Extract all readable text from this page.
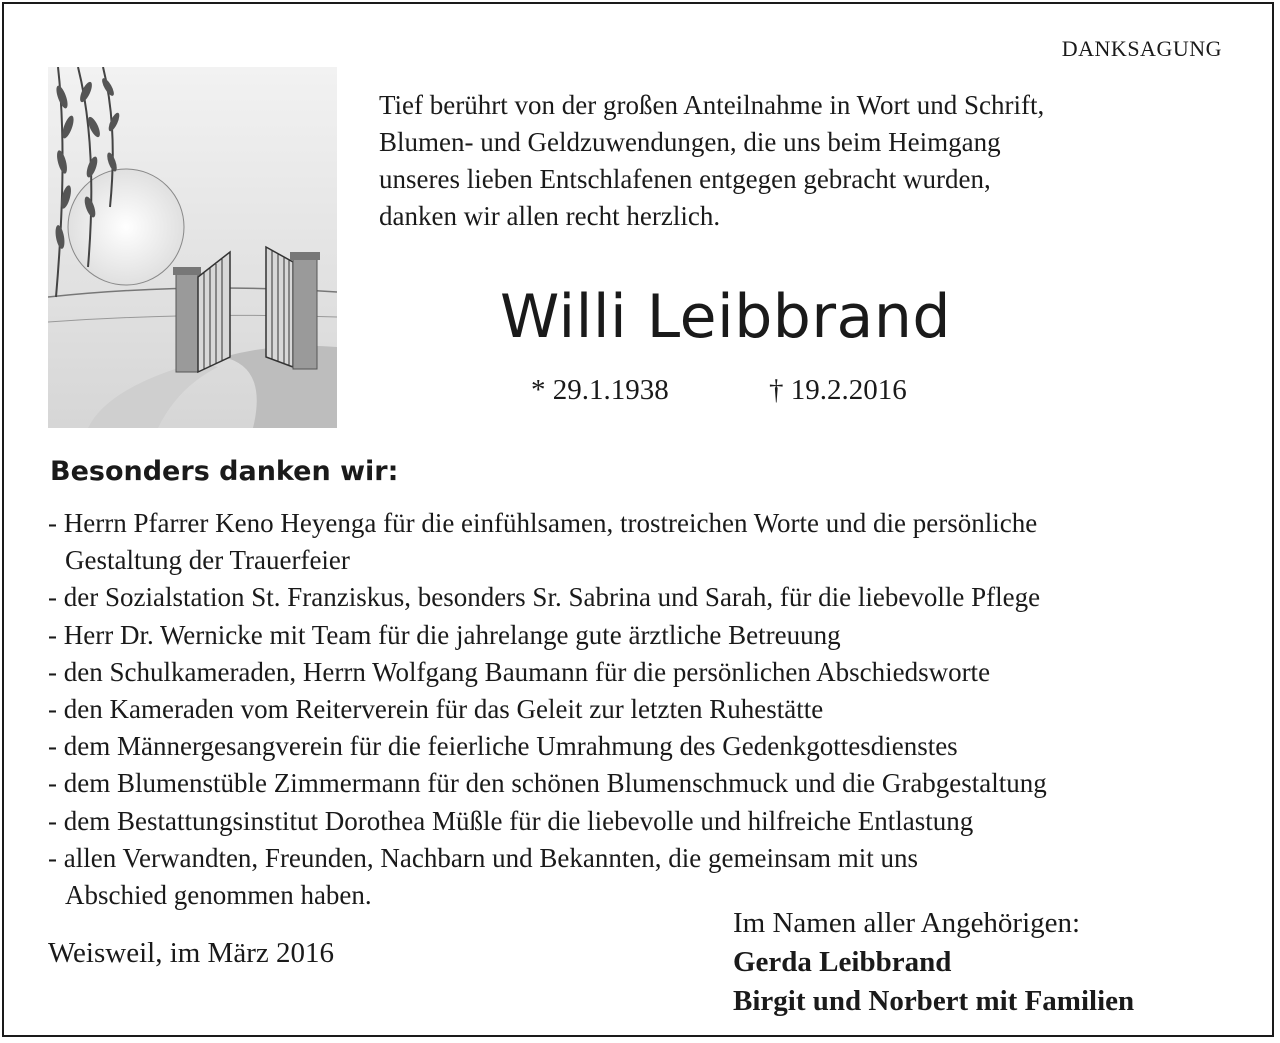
DANKSAGUNG
Tief berührt von der großen Anteilnahme in Wort und Schrift,
Blumen- und Geldzuwendungen, die uns beim Heimgang
unseres lieben Entschlafenen entgegen gebracht wurden,
danken wir allen recht herzlich.
Willi Leibbrand
* 29.1.1938	† 19.2.2016
Besonders danken wir:
- Herrn Pfarrer Keno Heyenga für die einfühlsamen, trostreichen Worte und die persönliche
Gestaltung der Trauerfeier
- der Sozialstation St. Franziskus, besonders Sr. Sabrina und Sarah, für die liebevolle Pflege
- Herr Dr. Wernicke mit Team für die jahrelange gute ärztliche Betreuung
- den Schulkameraden, Herrn Wolfgang Baumann für die persönlichen Abschiedsworte
- den Kameraden vom Reiterverein für das Geleit zur letzten Ruhestätte
- dem Männergesangverein für die feierliche Umrahmung des Gedenkgottesdienstes
- dem Blumenstüble Zimmermann für den schönen Blumenschmuck und die Grabgestaltung
- dem Bestattungsinstitut Dorothea Müßle für die liebevolle und hilfreiche Entlastung
- allen Verwandten, Freunden, Nachbarn und Bekannten, die gemeinsam mit uns
Abschied genommen haben.
Weisweil, im März 2016
Im Namen aller Angehörigen:
Gerda Leibbrand
Birgit und Norbert mit Familien
